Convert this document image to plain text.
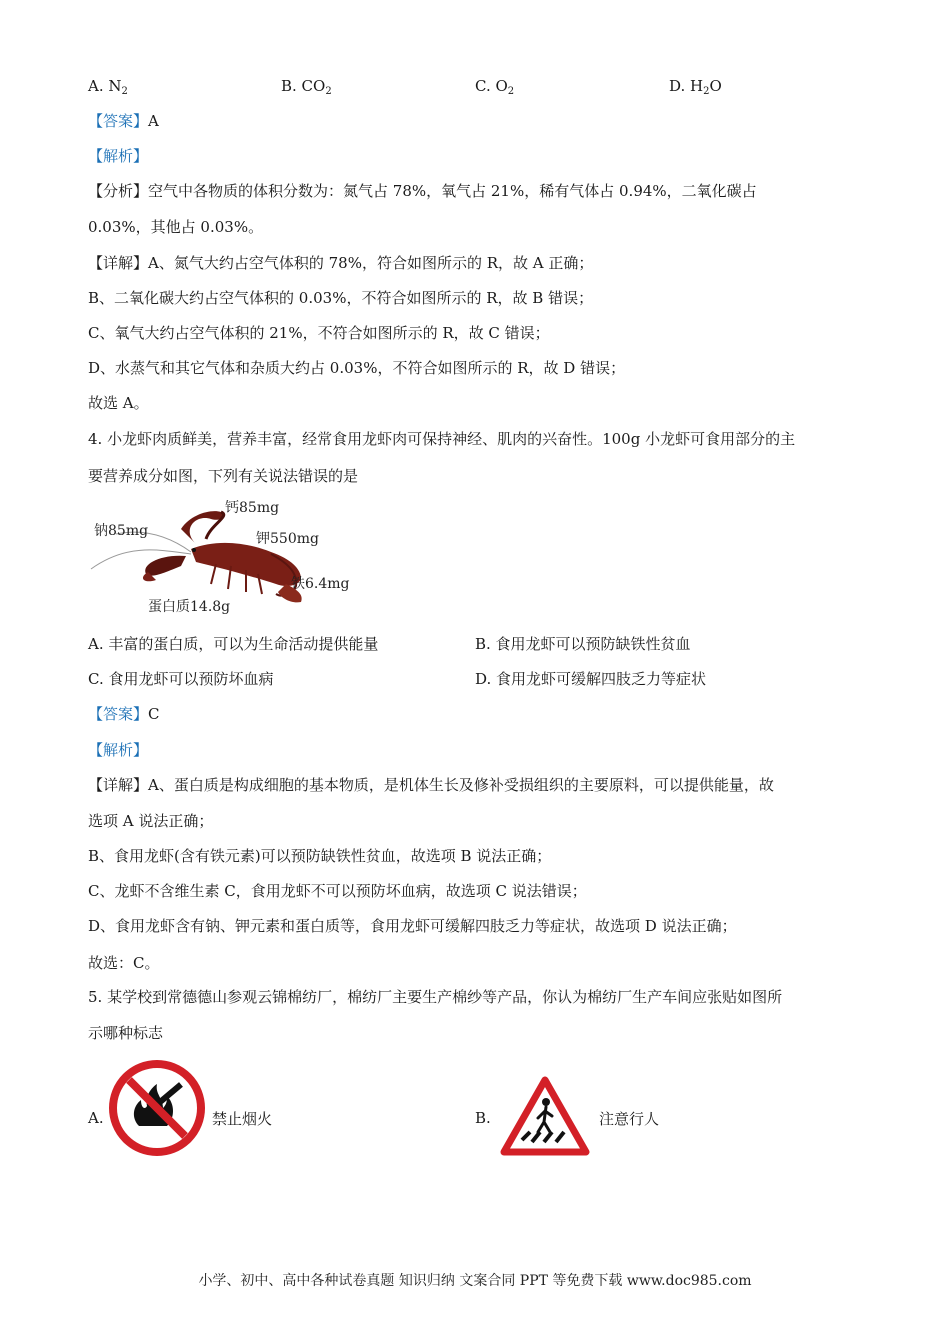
A. $N_2$	B. $CO_2$	C. $O_2$	D. $H_2O$
【答案】A
【解析】
【分析】空气中各物质的体积分数为：氮气占 78%，氧气占 21%，稀有气体占 0.94%，二氧化碳占
0.03%，其他占 0.03%。
【详解】A、氮气大约占空气体积的 78%，符合如图所示的 R，故 A 正确；
B、二氧化碳大约占空气体积的 0.03%，不符合如图所示的 R，故 B 错误；
C、氧气大约占空气体积的 21%，不符合如图所示的 R，故 C 错误；
D、水蒸气和其它气体和杂质大约占 0.03%，不符合如图所示的 R，故 D 错误；
故选 A。
4. 小龙虾肉质鲜美，营养丰富，经常食用龙虾肉可保持神经、肌肉的兴奋性。100g 小龙虾可食用部分的主
要营养成分如图，下列有关说法错误的是
钙85mg
钠85mg	钾550mg
铁6.4mg
蛋白质14.8g
A. 丰富的蛋白质，可以为生命活动提供能量	B. 食用龙虾可以预防缺铁性贫血
C. 食用龙虾可以预防坏血病	D. 食用龙虾可缓解四肢乏力等症状
【答案】C
【解析】
【详解】A、蛋白质是构成细胞的基本物质，是机体生长及修补受损组织的主要原料，可以提供能量，故
选项 A 说法正确；
B、食用龙虾(含有铁元素)可以预防缺铁性贫血，故选项 B 说法正确；
C、龙虾不含维生素 C，食用龙虾不可以预防坏血病，故选项 C 说法错误；
D、食用龙虾含有钠、钾元素和蛋白质等，食用龙虾可缓解四肢乏力等症状，故选项 D 说法正确；
故选：C。
5. 某学校到常德德山参观云锦棉纺厂，棉纺厂主要生产棉纱等产品，你认为棉纺厂生产车间应张贴如图所
示哪种标志
A.	禁止烟火	B.	注意行人
小学、初中、高中各种试卷真题 知识归纳 文案合同 PPT 等免费下载 www.doc985.com
